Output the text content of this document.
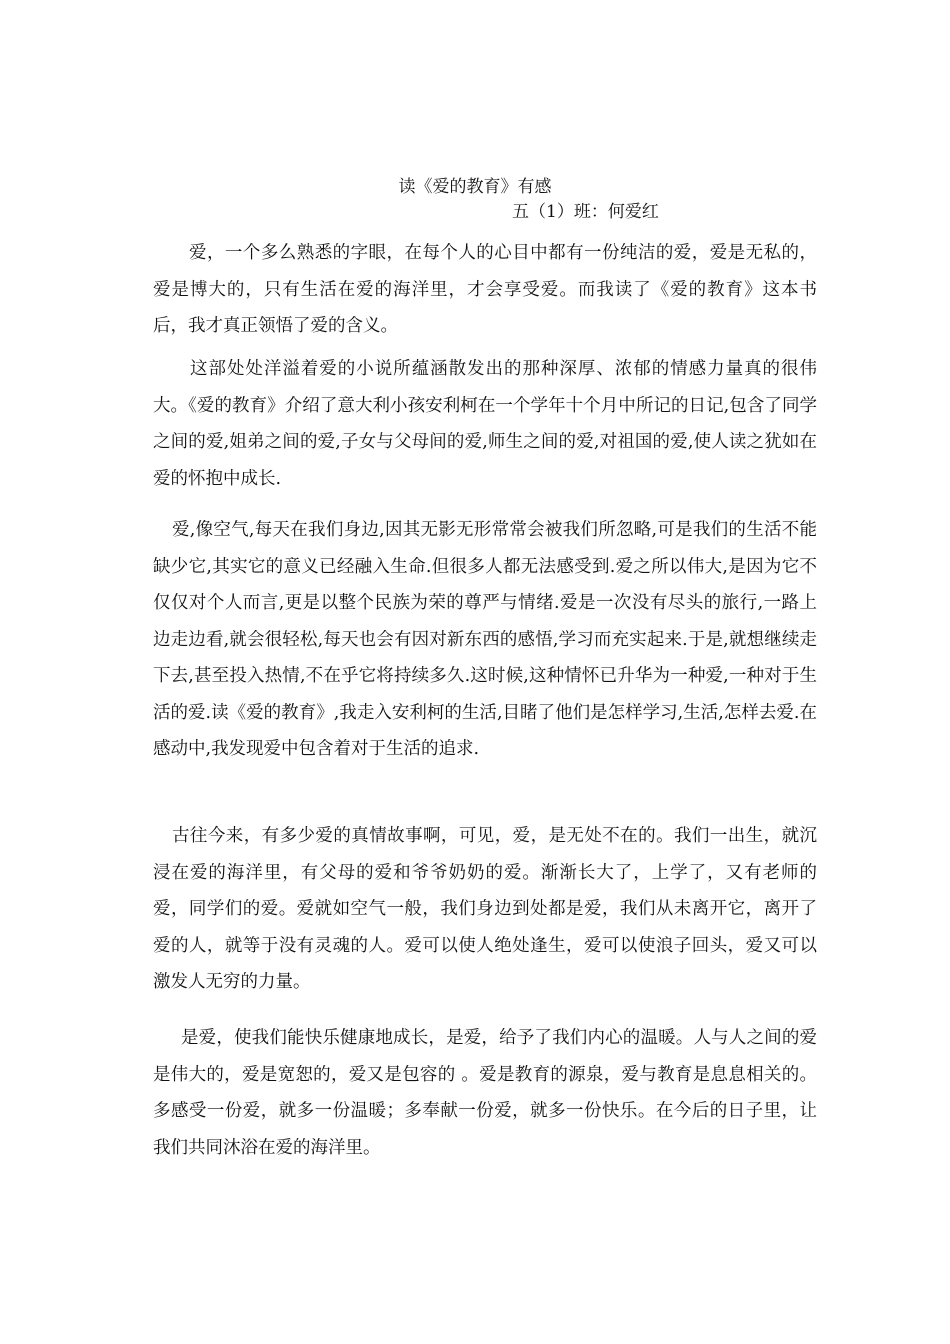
读《爱的教育》有感
五（1）班：何爱红

爱，一个多么熟悉的字眼，在每个人的心目中都有一份纯洁的爱，爱是无私的，爱是博大的，只有生活在爱的海洋里，才会享受爱。而我读了《爱的教育》这本书后，我才真正领悟了爱的含义。

这部处处洋溢着爱的小说所蕴涵散发出的那种深厚、浓郁的情感力量真的很伟大。《爱的教育》介绍了意大利小孩安利柯在一个学年十个月中所记的日记,包含了同学之间的爱,姐弟之间的爱,子女与父母间的爱,师生之间的爱,对祖国的爱,使人读之犹如在爱的怀抱中成长.

爱,像空气,每天在我们身边,因其无影无形常常会被我们所忽略,可是我们的生活不能缺少它,其实它的意义已经融入生命.但很多人都无法感受到.爱之所以伟大,是因为它不仅仅对个人而言,更是以整个民族为荣的尊严与情绪.爱是一次没有尽头的旅行,一路上边走边看,就会很轻松,每天也会有因对新东西的感悟,学习而充实起来.于是,就想继续走下去,甚至投入热情,不在乎它将持续多久.这时候,这种情怀已升华为一种爱,一种对于生活的爱.读《爱的教育》,我走入安利柯的生活,目睹了他们是怎样学习,生活,怎样去爱.在感动中,我发现爱中包含着对于生活的追求.

古往今来，有多少爱的真情故事啊，可见，爱，是无处不在的。我们一出生，就沉浸在爱的海洋里，有父母的爱和爷爷奶奶的爱。渐渐长大了，上学了，又有老师的爱，同学们的爱。爱就如空气一般，我们身边到处都是爱，我们从未离开它，离开了爱的人，就等于没有灵魂的人。爱可以使人绝处逢生，爱可以使浪子回头，爱又可以激发人无穷的力量。

是爱，使我们能快乐健康地成长，是爱，给予了我们内心的温暖。人与人之间的爱是伟大的，爱是宽恕的，爱又是包容的 。爱是教育的源泉，爱与教育是息息相关的。多感受一份爱，就多一份温暖；多奉献一份爱，就多一份快乐。在今后的日子里，让我们共同沐浴在爱的海洋里。
